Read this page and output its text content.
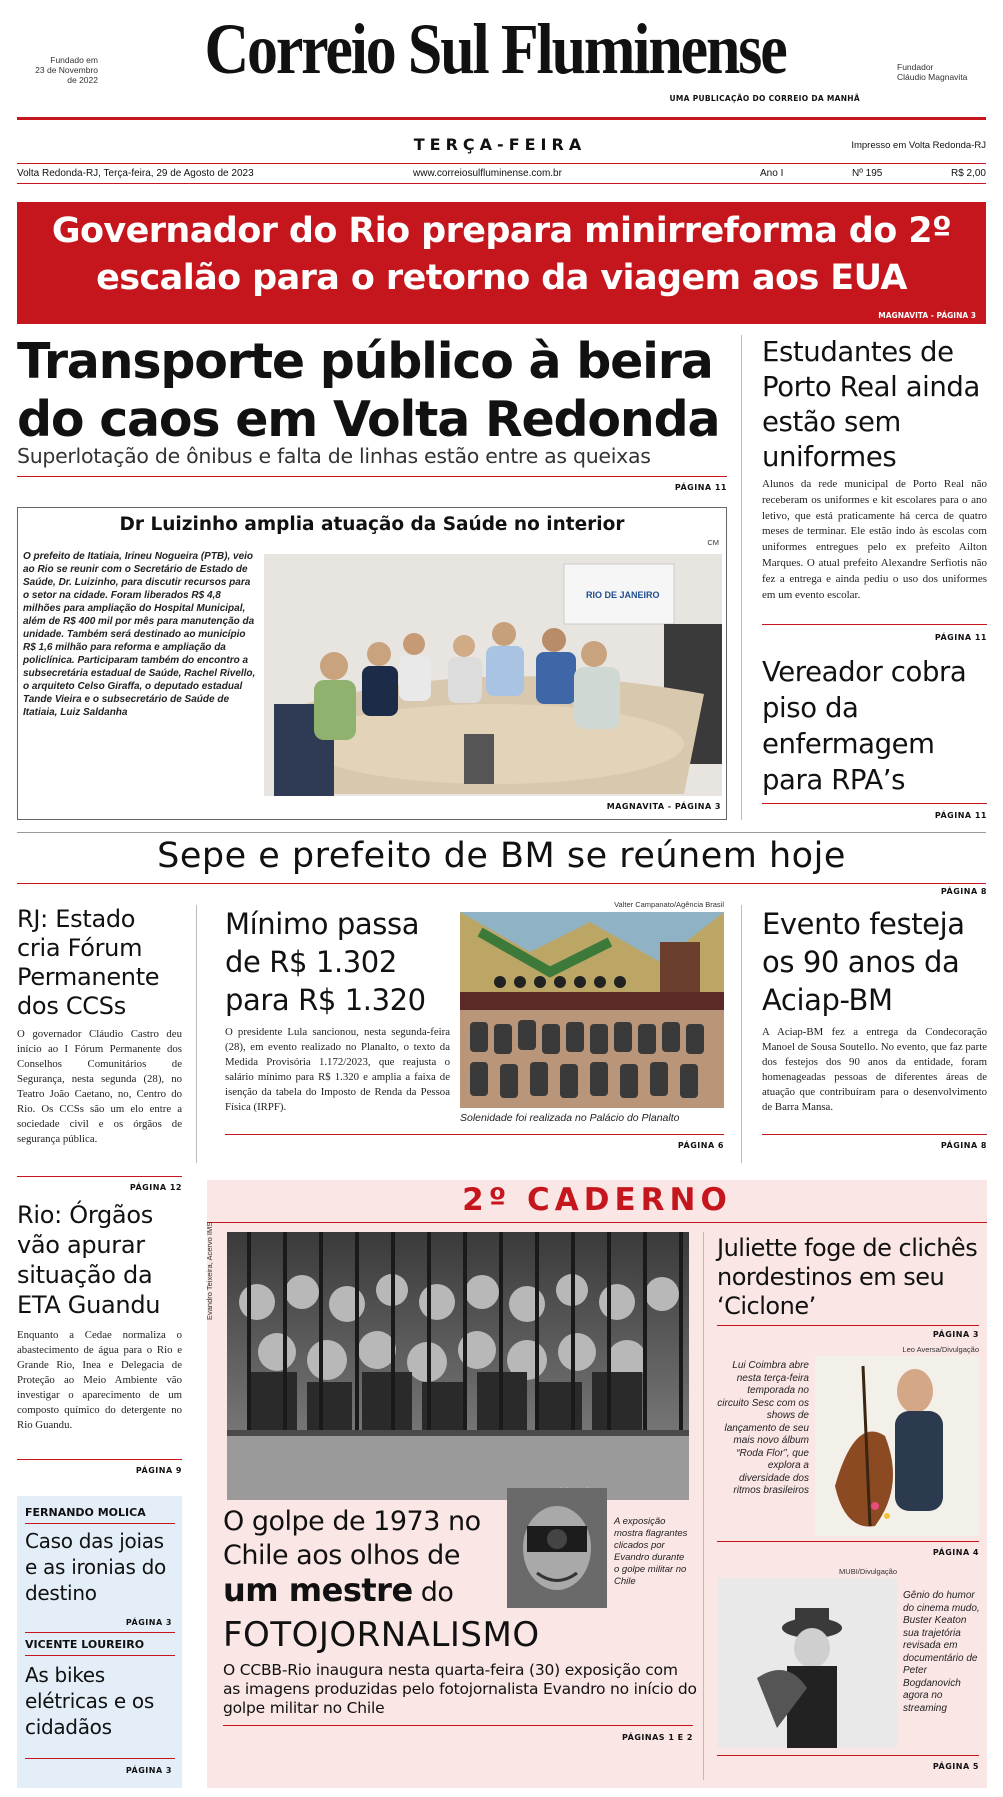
Fundado em
23 de Novembro
de 2022	Correio Sul Fluminense	Fundador
Cláudio Magnavita
UMA PUBLICAÇÃO DO CORREIO DA MANHÃ
TERÇA-FEIRA	Impresso em Volta Redonda-RJ
Volta Redonda-RJ, Terça-feira, 29 de Agosto de 2023	www.correiosulfluminense.com.br	Ano I	Nº 195	R$ 2,00
Governador do Rio prepara minirreforma do 2º escalão para o retorno da viagem aos EUA
MAGNAVITA - PÁGINA 3
Transporte público à beira do caos em Volta Redonda
Superlotação de ônibus e falta de linhas estão entre as queixas
PÁGINA 11
Dr Luizinho amplia atuação da Saúde no interior
O prefeito de Itatiaia, Irineu Nogueira (PTB), veio ao Rio se reunir com o Secretário de Estado de Saúde, Dr. Luizinho, para discutir recursos para o setor na cidade. Foram liberados R$ 4,8 milhões para ampliação do Hospital Municipal, além de R$ 400 mil por mês para manutenção da unidade. Também será destinado ao município R$ 1,6 milhão para reforma e ampliação da policlínica. Participaram também do encontro a subsecretária estadual de Saúde, Rachel Rivello, o arquiteto Celso Giraffa, o deputado estadual Tande Vieira e o subsecretário de Saúde de Itatiaia, Luiz Saldanha
CM
RIO DE JANEIRO
MAGNAVITA - PÁGINA 3
Estudantes de Porto Real ainda estão sem uniformes
Alunos da rede municipal de Porto Real não receberam os uniformes e kit escolares para o ano letivo, que está praticamente há cerca de quatro meses de terminar. Ele estão indo às escolas com uniformes entregues pelo ex prefeito Ailton Marques. O atual prefeito Alexandre Serfiotis não fez a entrega e ainda pediu o uso dos uniformes em um evento escolar.
PÁGINA 11
Vereador cobra piso da enfermagem para RPA’s
PÁGINA 11
Sepe e prefeito de BM se reúnem hoje
PÁGINA 8
RJ: Estado cria Fórum Permanente dos CCSs
O governador Cláudio Castro deu início ao I Fórum Permanente dos Conselhos Comunitários de Segurança, nesta segunda (28), no Teatro João Caetano, no, Centro do Rio. Os CCSs são um elo entre a sociedade civil e os órgãos de segurança pública.
PÁGINA 12
Mínimo passa de R$ 1.302 para R$ 1.320
O presidente Lula sancionou, nesta segunda-feira (28), em evento realizado no Planalto, o texto da Medida Provisória 1.172/2023, que reajusta o salário mínimo para R$ 1.320 e amplia a faixa de isenção da tabela do Imposto de Renda da Pessoa Física (IRPF).
Valter Campanato/Agência Brasil
Solenidade foi realizada no Palácio do Planalto
PÁGINA 6
Evento festeja os 90 anos da Aciap-BM
A Aciap-BM fez a entrega da Condecoração Manoel de Sousa Soutello. No evento, que faz parte dos festejos dos 90 anos da entidade, foram homenageadas pessoas de diferentes áreas de atuação que contribuíram para o desenvolvimento de Barra Mansa.
PÁGINA 8
Rio: Órgãos vão apurar situação da ETA Guandu
Enquanto a Cedae normaliza o abastecimento de água para o Rio e Grande Rio, Inea e Delegacia de Proteção ao Meio Ambiente vão investigar o aparecimento de um composto químico do detergente no Rio Guandu.
PÁGINA 9
FERNANDO MOLICA
Caso das joias e as ironias do destino
PÁGINA 3
VICENTE LOUREIRO
As bikes elétricas e os cidadãos
PÁGINA 3
2º CADERNO
Evandro Teixeira, Acervo IMS
A exposição mostra flagrantes clicados por Evandro durante o golpe militar no Chile
O golpe de 1973 no Chile aos olhos de um mestre do
FOTOJORNALISMO
O CCBB-Rio inaugura nesta quarta-feira (30) exposição com as imagens produzidas pelo fotojornalista Evandro no início do golpe militar no Chile
PÁGINAS 1 E 2
Juliette foge de clichês nordestinos em seu ‘Ciclone’
PÁGINA 3
Leo Aversa/Divulgação
Lui Coimbra abre nesta terça-feira temporada no circuito Sesc com os shows de lançamento de seu mais novo álbum “Roda Flor”, que explora a diversidade dos ritmos brasileiros
PÁGINA 4
MUBI/Divulgação
Gênio do humor do cinema mudo, Buster Keaton sua trajetória revisada em documentário de Peter Bogdanovich agora no streaming
PÁGINA 5
